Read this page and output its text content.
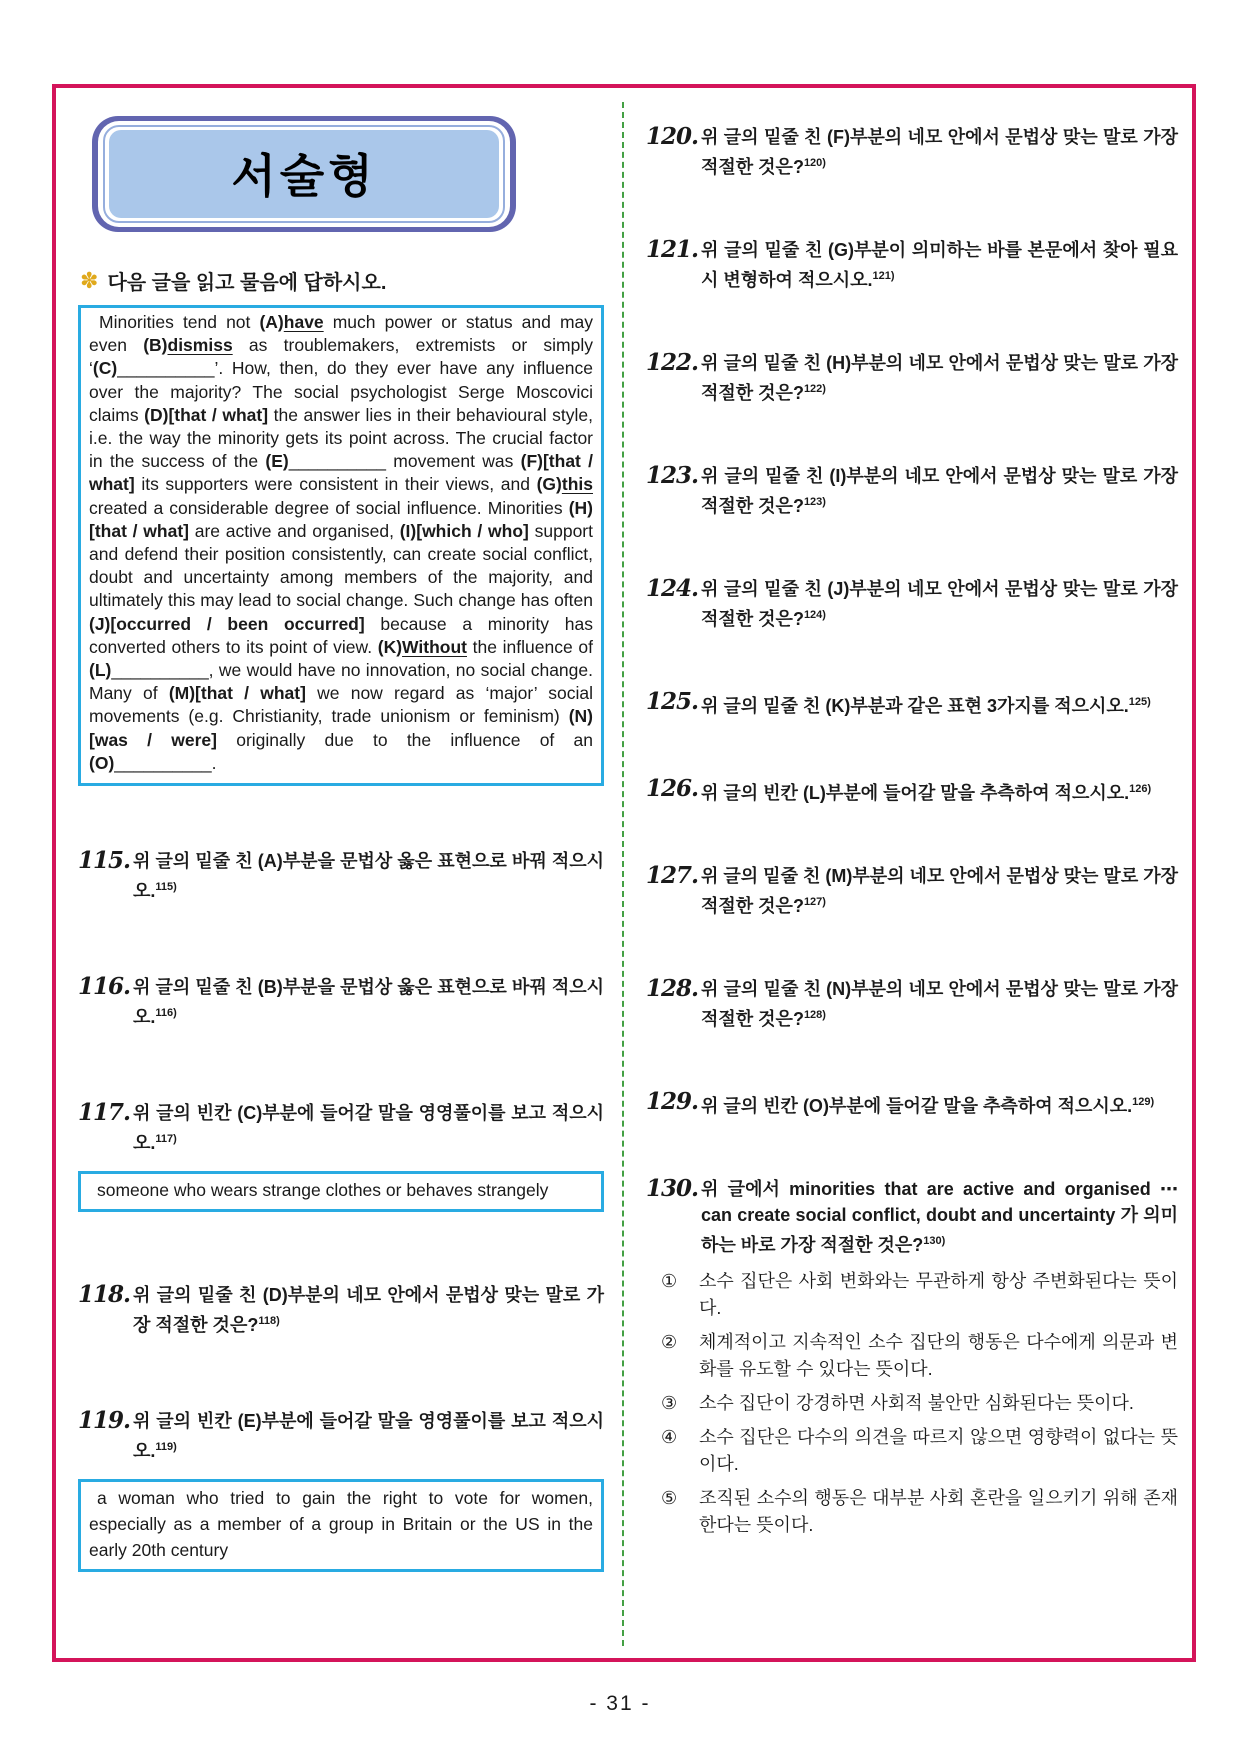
서술형
✽ 다음 글을 읽고 물음에 답하시오.

Minorities tend not (A)have much power or status and may even (B)dismiss as troublemakers, extremists or simply ‘(C)__________’. How, then, do they ever have any influence over the majority? The social psychologist Serge Moscovici claims (D)[that / what] the answer lies in their behavioural style, i.e. the way the minority gets its point across. The crucial factor in the success of the (E)__________ movement was (F)[that / what] its supporters were consistent in their views, and (G)this created a considerable degree of social influence. Minorities (H)[that / what] are active and organised, (I)[which / who] support and defend their position consistently, can create social conflict, doubt and uncertainty among members of the majority, and ultimately this may lead to social change. Such change has often (J)[occurred / been occurred] because a minority has converted others to its point of view. (K)Without the influence of (L)__________, we would have no innovation, no social change. Many of (M)[that / what] we now regard as ‘major’ social movements (e.g. Christianity, trade unionism or feminism) (N)[was / were] originally due to the influence of an (O)__________.

115. 위 글의 밑줄 친 (A)부분을 문법상 옳은 표현으로 바꿔 적으시오.$^{115)}$
116. 위 글의 밑줄 친 (B)부분을 문법상 옳은 표현으로 바꿔 적으시오.$^{116)}$
117. 위 글의 빈칸 (C)부분에 들어갈 말을 영영풀이를 보고 적으시오.$^{117)}$
someone who wears strange clothes or behaves strangely
118. 위 글의 밑줄 친 (D)부분의 네모 안에서 문법상 맞는 말로 가장 적절한 것은?$^{118)}$
119. 위 글의 빈칸 (E)부분에 들어갈 말을 영영풀이를 보고 적으시오.$^{119)}$
a woman who tried to gain the right to vote for women, especially as a member of a group in Britain or the US in the early 20th century
120. 위 글의 밑줄 친 (F)부분의 네모 안에서 문법상 맞는 말로 가장 적절한 것은?$^{120)}$
121. 위 글의 밑줄 친 (G)부분이 의미하는 바를 본문에서 찾아 필요시 변형하여 적으시오.$^{121)}$
122. 위 글의 밑줄 친 (H)부분의 네모 안에서 문법상 맞는 말로 가장 적절한 것은?$^{122)}$
123. 위 글의 밑줄 친 (I)부분의 네모 안에서 문법상 맞는 말로 가장 적절한 것은?$^{123)}$
124. 위 글의 밑줄 친 (J)부분의 네모 안에서 문법상 맞는 말로 가장 적절한 것은?$^{124)}$
125. 위 글의 밑줄 친 (K)부분과 같은 표현 3가지를 적으시오.$^{125)}$
126. 위 글의 빈칸 (L)부분에 들어갈 말을 추측하여 적으시오.$^{126)}$
127. 위 글의 밑줄 친 (M)부분의 네모 안에서 문법상 맞는 말로 가장 적절한 것은?$^{127)}$
128. 위 글의 밑줄 친 (N)부분의 네모 안에서 문법상 맞는 말로 가장 적절한 것은?$^{128)}$
129. 위 글의 빈칸 (O)부분에 들어갈 말을 추측하여 적으시오.$^{129)}$
130. 위 글에서 minorities that are active and organised ⋯ can create social conflict, doubt and uncertainty 가 의미하는 바로 가장 적절한 것은?$^{130)}$
①	소수 집단은 사회 변화와는 무관하게 항상 주변화된다는 뜻이다.
②	체계적이고 지속적인 소수 집단의 행동은 다수에게 의문과 변화를 유도할 수 있다는 뜻이다.
③	소수 집단이 강경하면 사회적 불안만 심화된다는 뜻이다.
④	소수 집단은 다수의 의견을 따르지 않으면 영향력이 없다는 뜻이다.
⑤	조직된 소수의 행동은 대부분 사회 혼란을 일으키기 위해 존재한다는 뜻이다.
- 31 -
